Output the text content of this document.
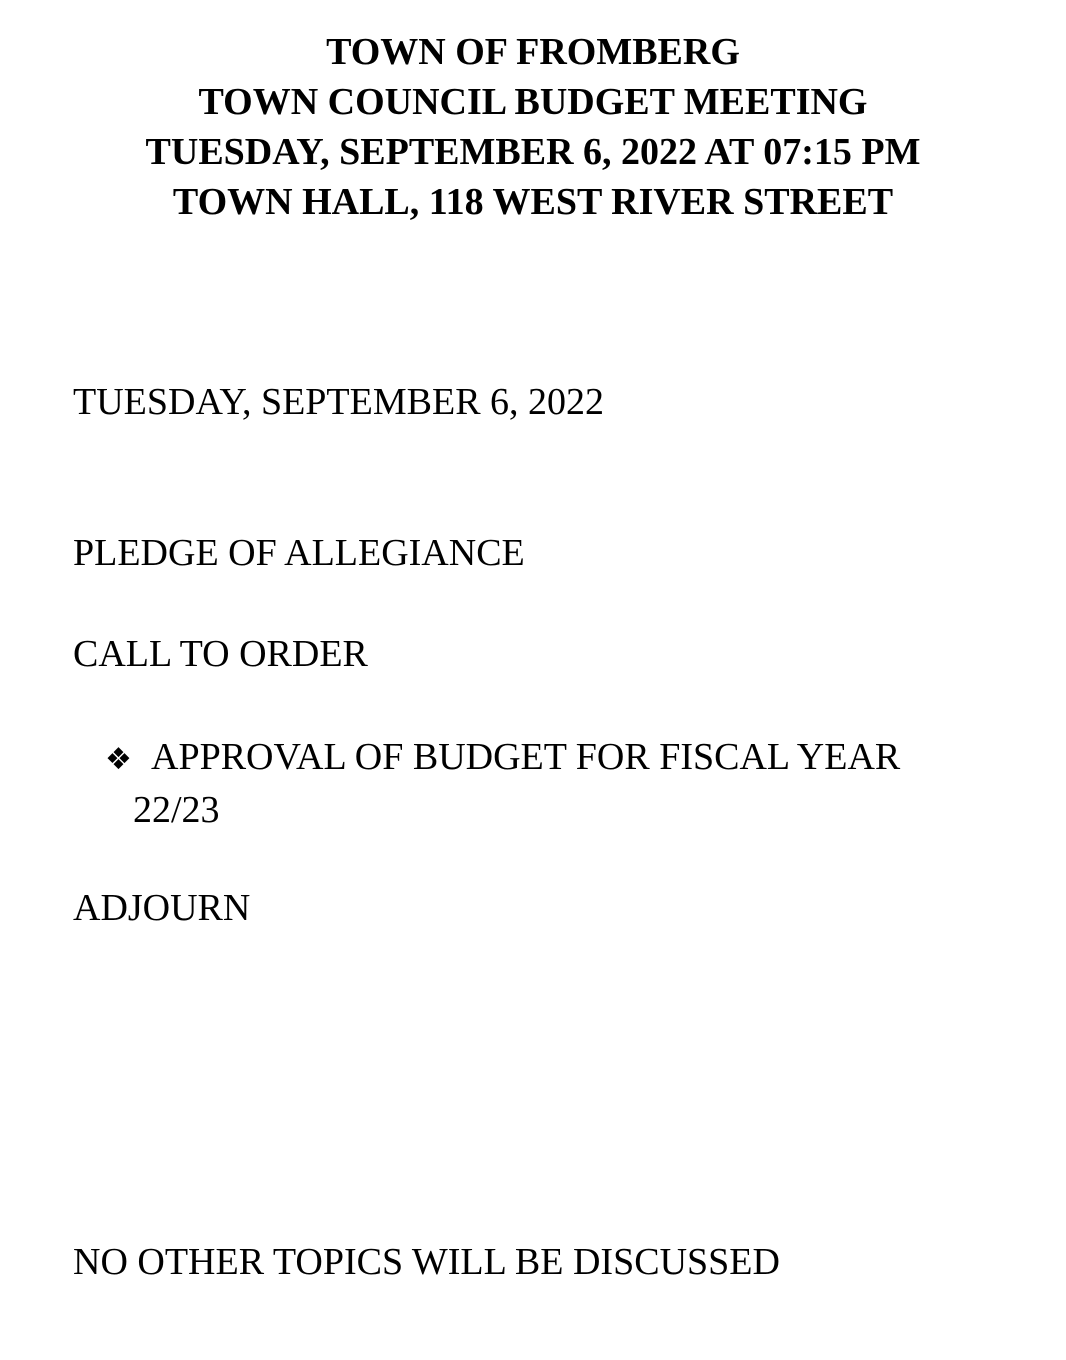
TOWN OF FROMBERG
TOWN COUNCIL BUDGET MEETING
TUESDAY, SEPTEMBER 6, 2022 AT 07:15 PM
TOWN HALL, 118 WEST RIVER STREET
TUESDAY, SEPTEMBER 6, 2022
PLEDGE OF ALLEGIANCE
CALL TO ORDER
❖ APPROVAL OF BUDGET FOR FISCAL YEAR
22/23
ADJOURN
NO OTHER TOPICS WILL BE DISCUSSED
